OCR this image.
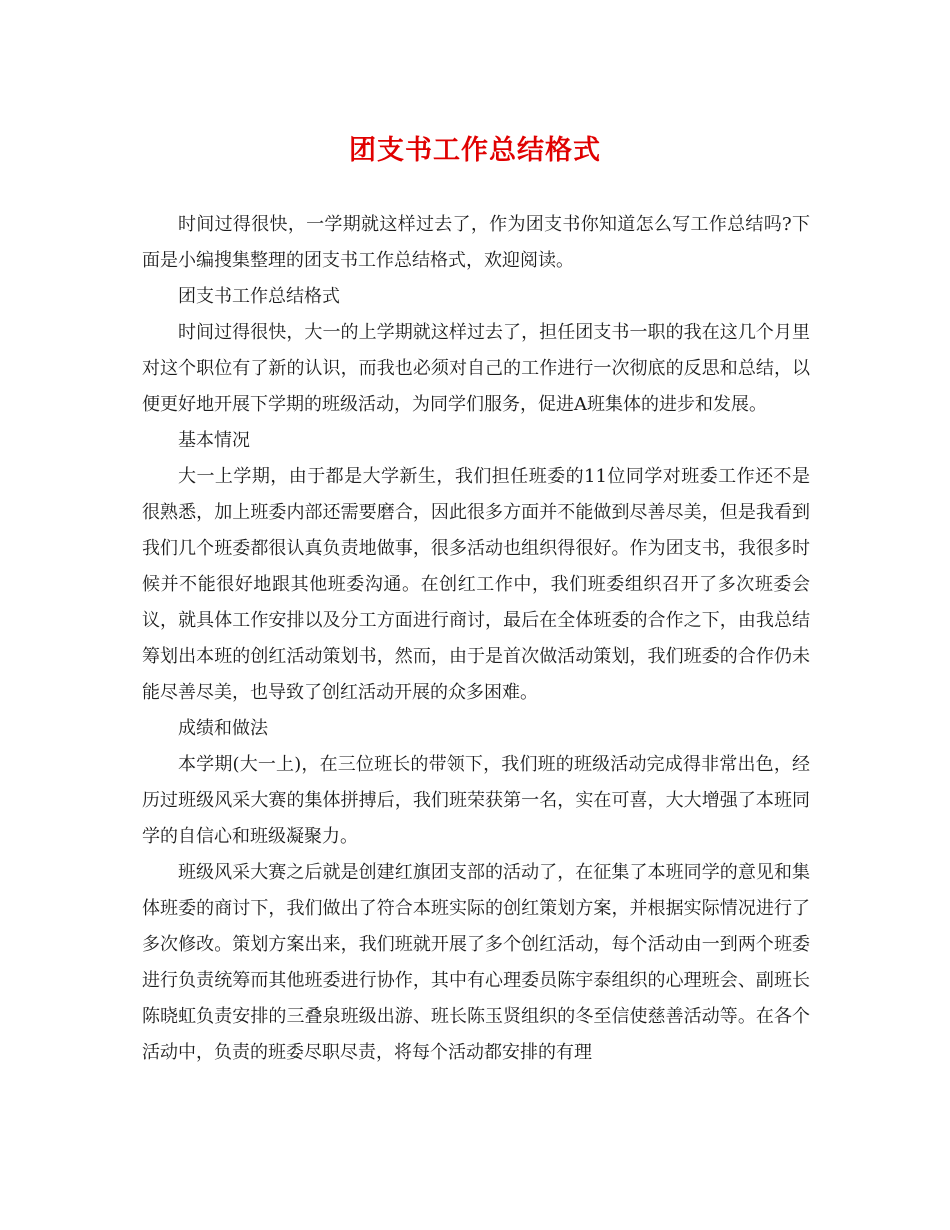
团支书工作总结格式

时间过得很快，一学期就这样过去了，作为团支书你知道怎么写工作总结吗?下面是小编搜集整理的团支书工作总结格式，欢迎阅读。

团支书工作总结格式

时间过得很快，大一的上学期就这样过去了，担任团支书一职的我在这几个月里对这个职位有了新的认识，而我也必须对自己的工作进行一次彻底的反思和总结，以便更好地开展下学期的班级活动，为同学们服务，促进A班集体的进步和发展。

基本情况

大一上学期，由于都是大学新生，我们担任班委的11位同学对班委工作还不是很熟悉，加上班委内部还需要磨合，因此很多方面并不能做到尽善尽美，但是我看到我们几个班委都很认真负责地做事，很多活动也组织得很好。作为团支书，我很多时候并不能很好地跟其他班委沟通。在创红工作中，我们班委组织召开了多次班委会议，就具体工作安排以及分工方面进行商讨，最后在全体班委的合作之下，由我总结筹划出本班的创红活动策划书，然而，由于是首次做活动策划，我们班委的合作仍未能尽善尽美，也导致了创红活动开展的众多困难。

成绩和做法

本学期(大一上)，在三位班长的带领下，我们班的班级活动完成得非常出色，经历过班级风采大赛的集体拼搏后，我们班荣获第一名，实在可喜，大大增强了本班同学的自信心和班级凝聚力。

班级风采大赛之后就是创建红旗团支部的活动了，在征集了本班同学的意见和集体班委的商讨下，我们做出了符合本班实际的创红策划方案，并根据实际情况进行了多次修改。策划方案出来，我们班就开展了多个创红活动，每个活动由一到两个班委进行负责统筹而其他班委进行协作，其中有心理委员陈宇泰组织的心理班会、副班长陈晓虹负责安排的三叠泉班级出游、班长陈玉贤组织的冬至信使慈善活动等。在各个活动中，负责的班委尽职尽责，将每个活动都安排的有理
